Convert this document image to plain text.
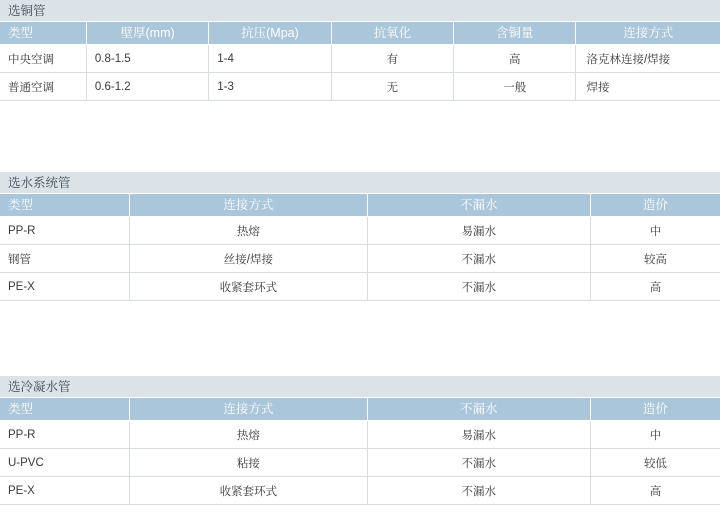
选铜管
类型	壁厚(mm)	抗压(Mpa)	抗氧化	含铜量	连接方式
中央空调	0.8-1.5	1-4	有	高	洛克林连接/焊接
普通空调	0.6-1.2	1-3	无	一般	焊接
选水系统管
类型	连接方式	不漏水	造价
PP-R	热熔	易漏水	中
钢管	丝接/焊接	不漏水	较高
PE-X	收紧套环式	不漏水	高
选冷凝水管
类型	连接方式	不漏水	造价
PP-R	热熔	易漏水	中
U-PVC	粘接	不漏水	较低
PE-X	收紧套环式	不漏水	高
